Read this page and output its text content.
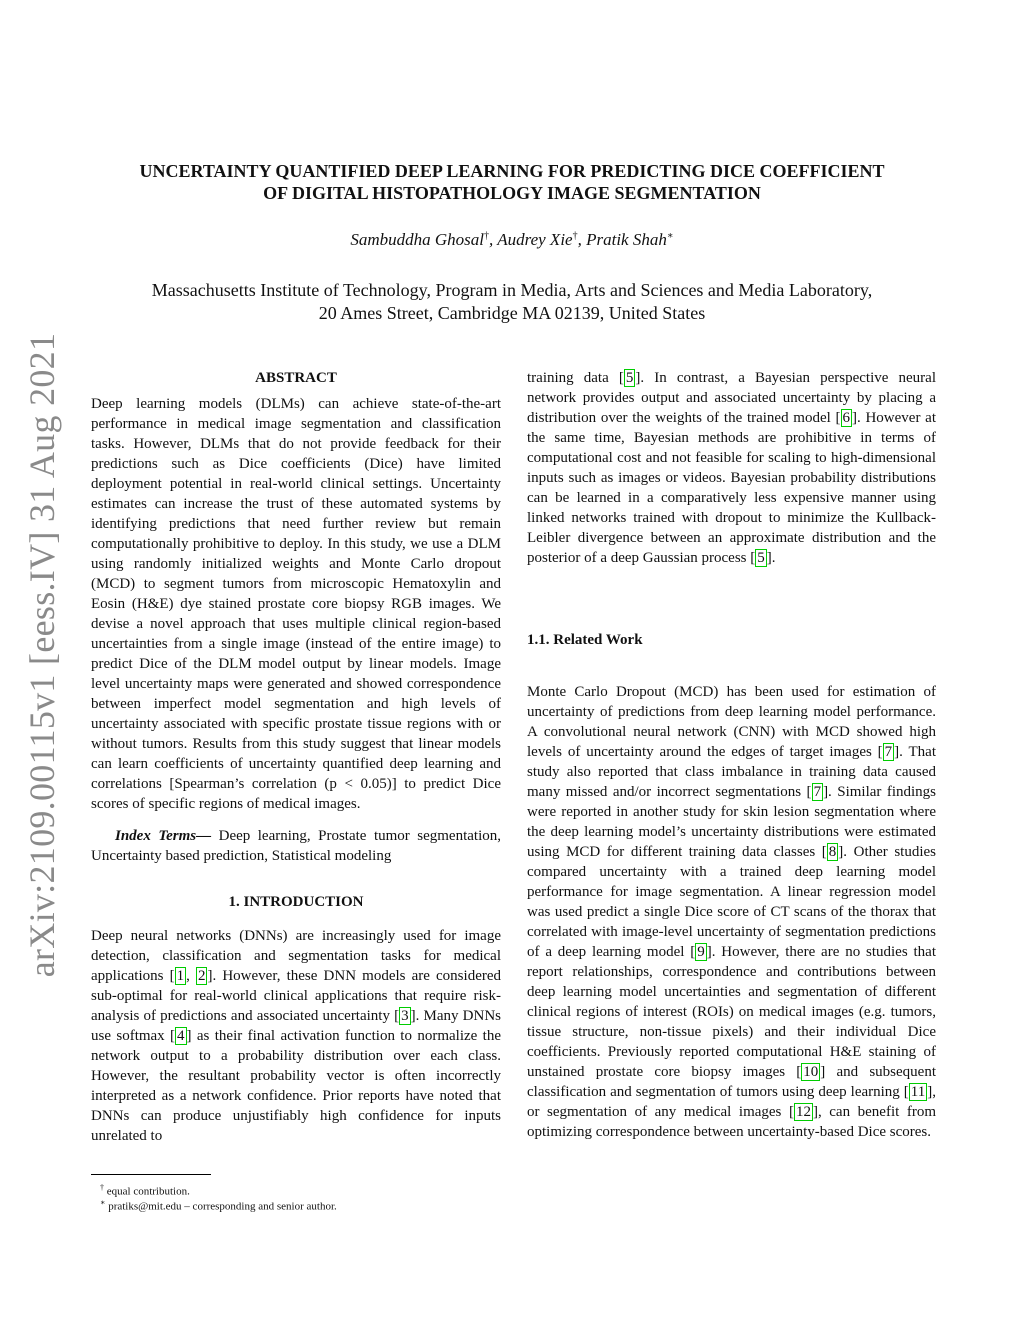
arXiv:2109.00115v1 [eess.IV] 31 Aug 2021
UNCERTAINTY QUANTIFIED DEEP LEARNING FOR PREDICTING DICE COEFFICIENT
OF DIGITAL HISTOPATHOLOGY IMAGE SEGMENTATION
Sambuddha Ghosal†, Audrey Xie†, Pratik Shah∗
Massachusetts Institute of Technology, Program in Media, Arts and Sciences and Media Laboratory,
20 Ames Street, Cambridge MA 02139, United States
ABSTRACT

Deep learning models (DLMs) can achieve state-of-the-art performance in medical image segmentation and classification tasks. However, DLMs that do not provide feedback for their predictions such as Dice coefficients (Dice) have limited deployment potential in real-world clinical settings. Uncertainty estimates can increase the trust of these automated systems by identifying predictions that need further review but remain computationally prohibitive to deploy. In this study, we use a DLM using randomly initialized weights and Monte Carlo dropout (MCD) to segment tumors from microscopic Hematoxylin and Eosin (H&E) dye stained prostate core biopsy RGB images. We devise a novel approach that uses multiple clinical region-based uncertainties from a single image (instead of the entire image) to predict Dice of the DLM model output by linear models. Image level uncertainty maps were generated and showed correspondence between imperfect model segmentation and high levels of uncertainty associated with specific prostate tissue regions with or without tumors. Results from this study suggest that linear models can learn coefficients of uncertainty quantified deep learning and correlations [Spearman’s correlation (p < 0.05)] to predict Dice scores of specific regions of medical images.

Index Terms— Deep learning, Prostate tumor segmentation, Uncertainty based prediction, Statistical modeling

1. INTRODUCTION

Deep neural networks (DNNs) are increasingly used for image detection, classification and segmentation tasks for medical applications [ 1 , 2 ]. However, these DNN models are considered sub-optimal for real-world clinical applications that require risk-analysis of predictions and associated uncertainty [ 3 ]. Many DNNs use softmax [ 4 ] as their final activation function to normalize the network output to a probability distribution over each class. However, the resultant probability vector is often incorrectly interpreted as a network confidence. Prior reports have noted that DNNs can produce unjustifiably high confidence for inputs unrelated to

training data [ 5 ]. In contrast, a Bayesian perspective neural network provides output and associated uncertainty by placing a distribution over the weights of the trained model [ 6 ]. However at the same time, Bayesian methods are prohibitive in terms of computational cost and not feasible for scaling to high-dimensional inputs such as images or videos. Bayesian probability distributions can be learned in a comparatively less expensive manner using linked networks trained with dropout to minimize the Kullback-Leibler divergence between an approximate distribution and the posterior of a deep Gaussian process [ 5 ].

1.1. Related Work

Monte Carlo Dropout (MCD) has been used for estimation of uncertainty of predictions from deep learning model performance. A convolutional neural network (CNN) with MCD showed high levels of uncertainty around the edges of target images [ 7 ]. That study also reported that class imbalance in training data caused many missed and/or incorrect segmentations [ 7 ]. Similar findings were reported in another study for skin lesion segmentation where the deep learning model’s uncertainty distributions were estimated using MCD for different training data classes [ 8 ]. Other studies compared uncertainty with a trained deep learning model performance for image segmentation. A linear regression model was used predict a single Dice score of CT scans of the thorax that correlated with image-level uncertainty of segmentation predictions of a deep learning model [ 9 ]. However, there are no studies that report relationships, correspondence and contributions between deep learning model uncertainties and segmentation of different clinical regions of interest (ROIs) on medical images (e.g. tumors, tissue structure, non-tissue pixels) and their individual Dice coefficients. Previously reported computational H&E staining of unstained prostate core biopsy images [ 10 ] and subsequent classification and segmentation of tumors using deep learning [ 11 ], or segmentation of any medical images [ 12 ], can benefit from optimizing correspondence between uncertainty-based Dice scores.

† equal contribution.
∗ pratiks@mit.edu – corresponding and senior author.
